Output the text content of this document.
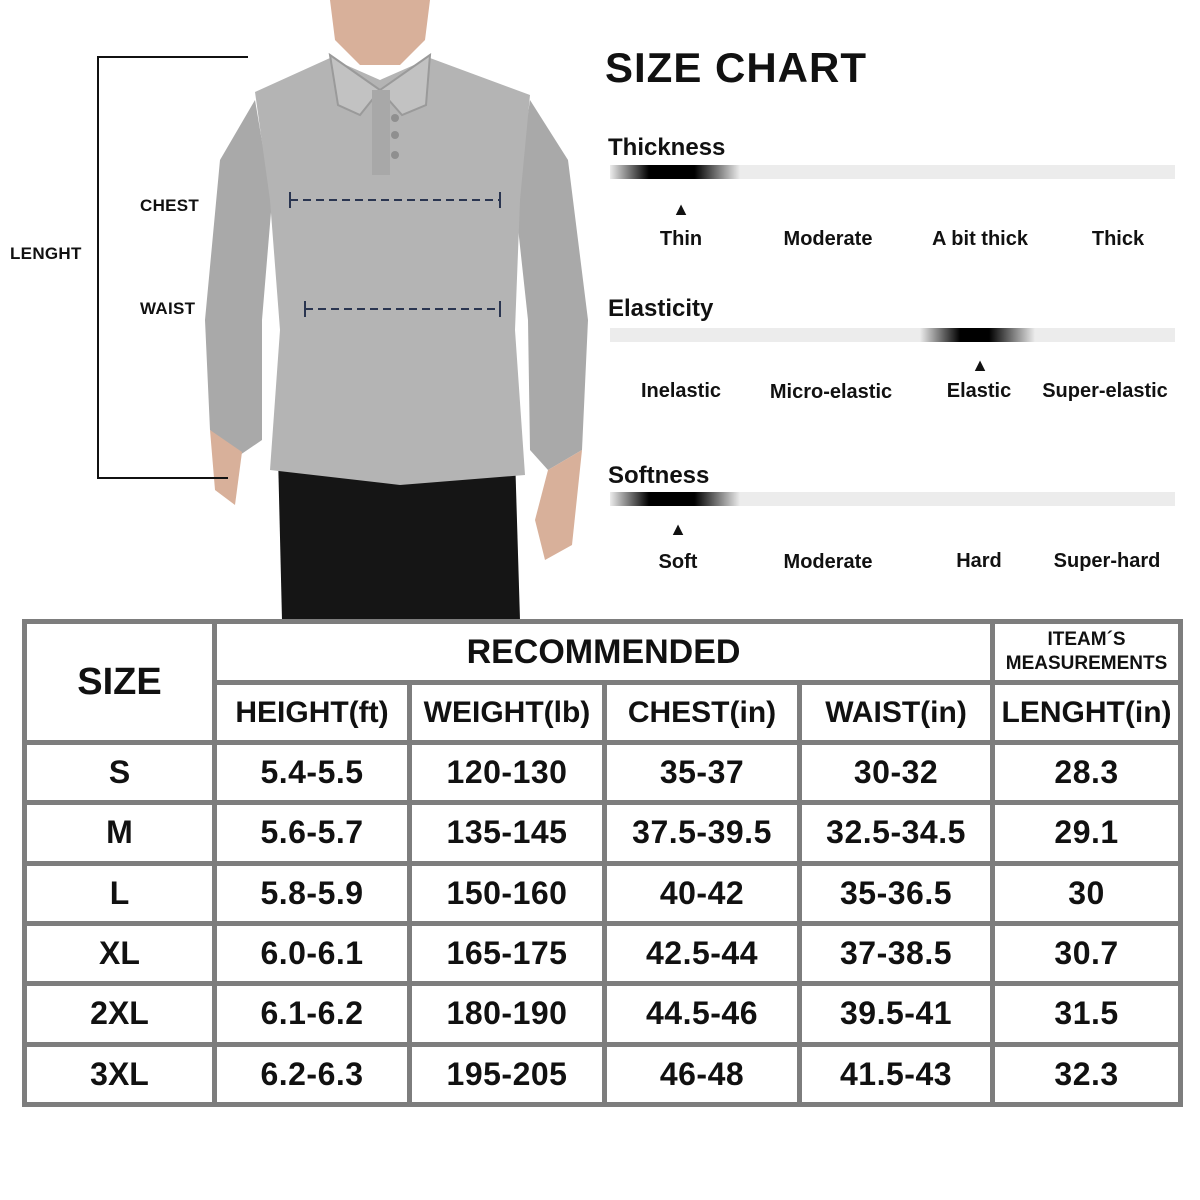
LENGHT
CHEST
WAIST
SIZE CHART
Thickness
▲
Thin	Moderate	A bit thick	Thick
Elasticity
▲
Inelastic Micro-elastic	Elastic Super-elastic
Softness
▲
Soft	Moderate	Hard	Super-hard
SIZE	RECOMMENDED				ITEAM´S
MEASUREMENTS

	HEIGHT(ft)	WEIGHT(lb)	CHEST(in)	WAIST(in)	LENGHT(in)
S	5.4-5.5	120-130	35-37	30-32	28.3
M	5.6-5.7	135-145	37.5-39.5	32.5-34.5	29.1
L	5.8-5.9	150-160	40-42	35-36.5	30
XL	6.0-6.1	165-175	42.5-44	37-38.5	30.7
2XL	6.1-6.2	180-190	44.5-46	39.5-41	31.5
3XL	6.2-6.3	195-205	46-48	41.5-43	32.3
